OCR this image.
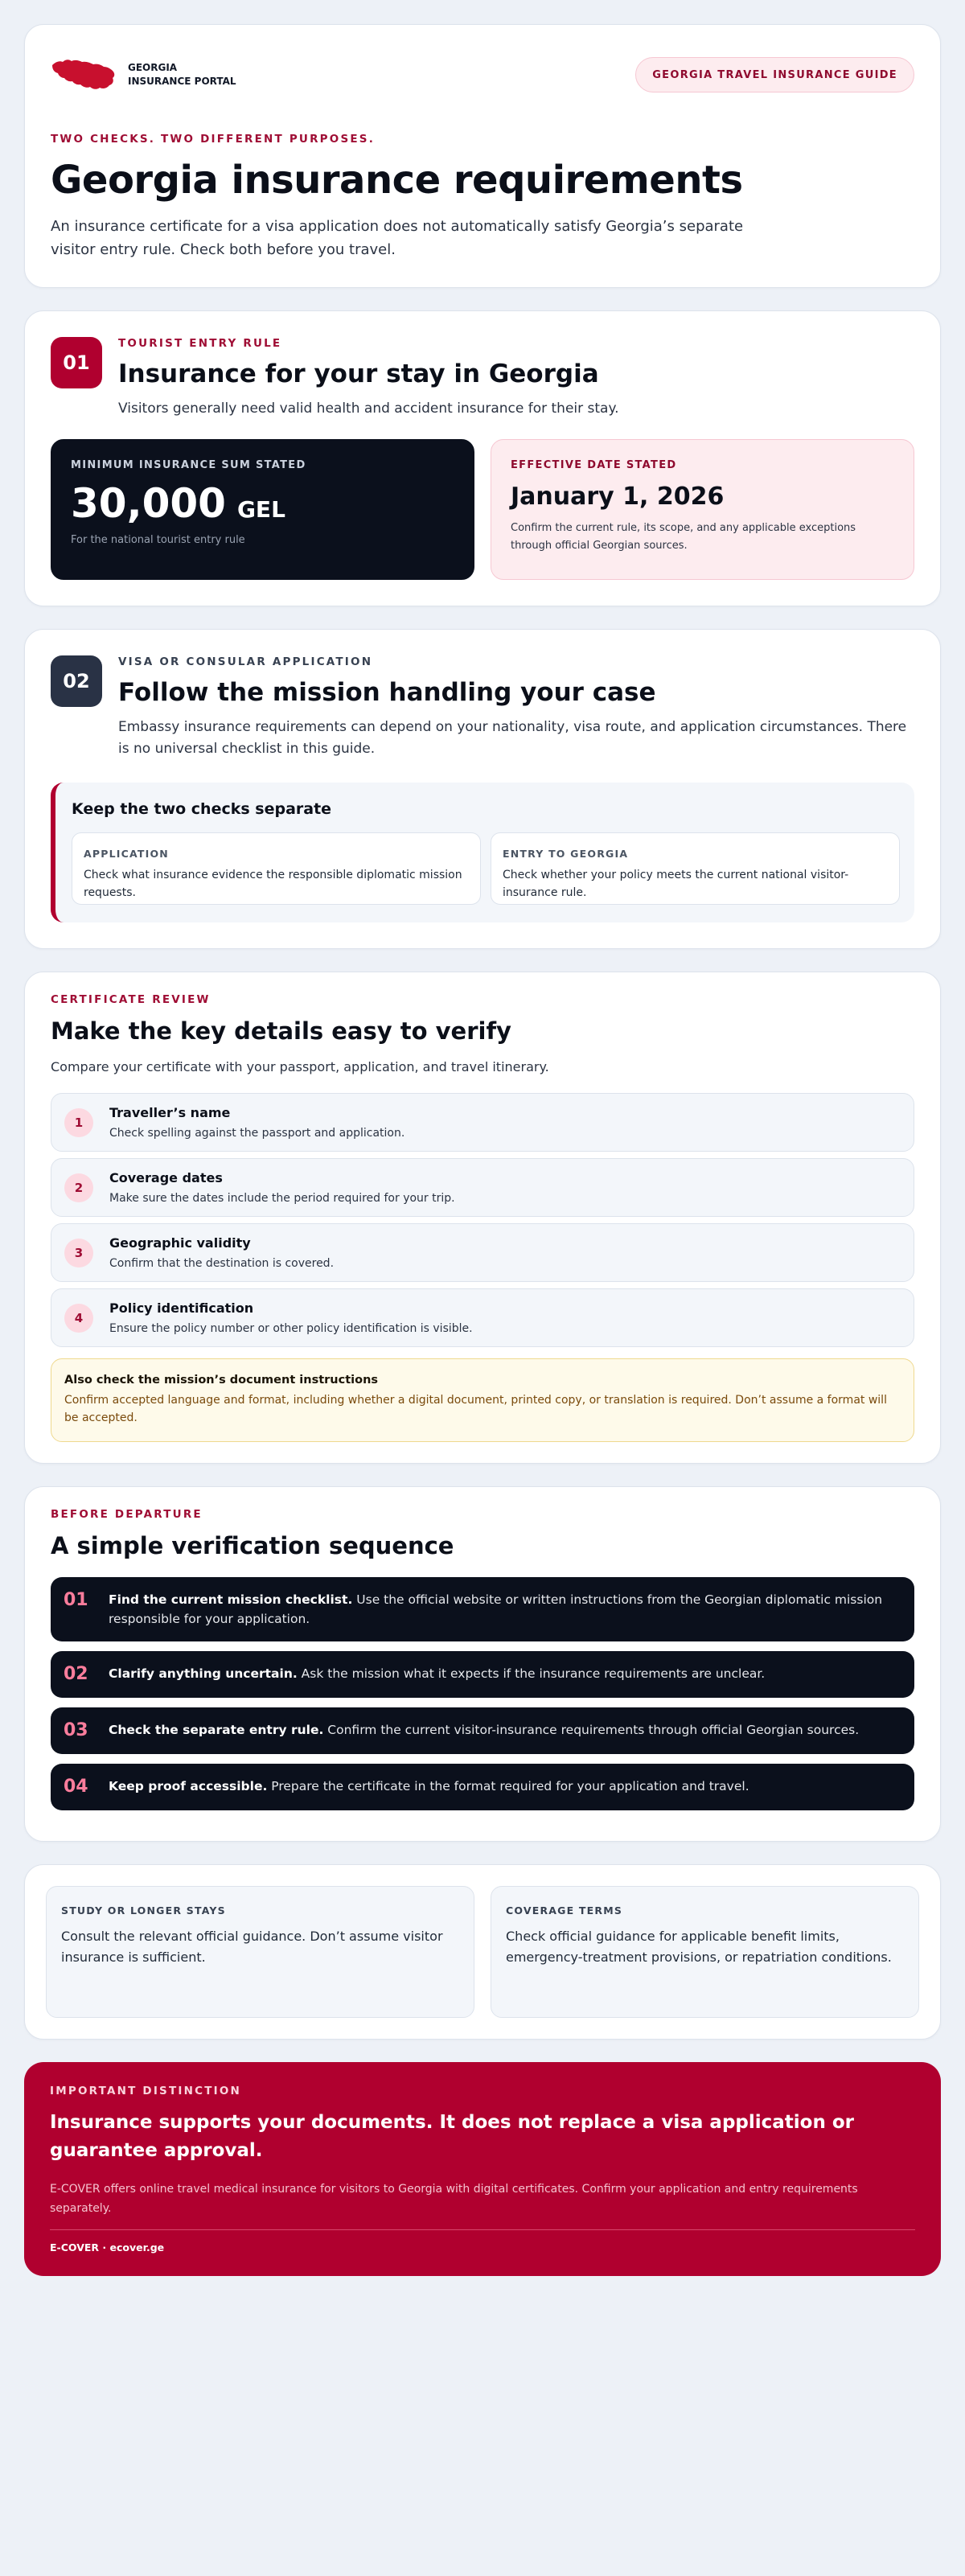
GEORGIA
INSURANCE PORTAL
GEORGIA TRAVEL INSURANCE GUIDE
TWO CHECKS. TWO DIFFERENT PURPOSES.
Georgia insurance requirements

An insurance certificate for a visa application does not automatically satisfy Georgia’s separate visitor entry rule. Check both before you travel.

01
TOURIST ENTRY RULE
Insurance for your stay in Georgia

Visitors generally need valid health and accident insurance for their stay.

MINIMUM INSURANCE SUM STATED
30,000 GEL
For the national tourist entry rule
EFFECTIVE DATE STATED
January 1, 2026
Confirm the current rule, its scope, and any applicable exceptions through official Georgian sources.
02
VISA OR CONSULAR APPLICATION
Follow the mission handling your case

Embassy insurance requirements can depend on your nationality, visa route, and application circumstances. There is no universal checklist in this guide.

Keep the two checks separate
APPLICATION
Check what insurance evidence the responsible diplomatic mission requests.
ENTRY TO GEORGIA
Check whether your policy meets the current national visitor-insurance rule.
CERTIFICATE REVIEW
Make the key details easy to verify
Compare your certificate with your passport, application, and travel itinerary.
1
Traveller’s name
Check spelling against the passport and application.
2
Coverage dates
Make sure the dates include the period required for your trip.
3
Geographic validity
Confirm that the destination is covered.
4
Policy identification
Ensure the policy number or other policy identification is visible.
Also check the mission’s document instructions
Confirm accepted language and format, including whether a digital document, printed copy, or translation is required. Don’t assume a format will be accepted.
BEFORE DEPARTURE
A simple verification sequence
01	Find the current mission checklist. Use the official website or written instructions from the Georgian diplomatic mission responsible for your application.
02	Clarify anything uncertain. Ask the mission what it expects if the insurance requirements are unclear.
03	Check the separate entry rule. Confirm the current visitor-insurance requirements through official Georgian sources.
04	Keep proof accessible. Prepare the certificate in the format required for your application and travel.
STUDY OR LONGER STAYS
Consult the relevant official guidance. Don’t assume visitor insurance is sufficient.
COVERAGE TERMS
Check official guidance for applicable benefit limits, emergency-treatment provisions, or repatriation conditions.
IMPORTANT DISTINCTION
Insurance supports your documents. It does not replace a visa application or guarantee approval.
E-COVER offers online travel medical insurance for visitors to Georgia with digital certificates. Confirm your application and entry requirements separately.
E-COVER · ecover.ge
